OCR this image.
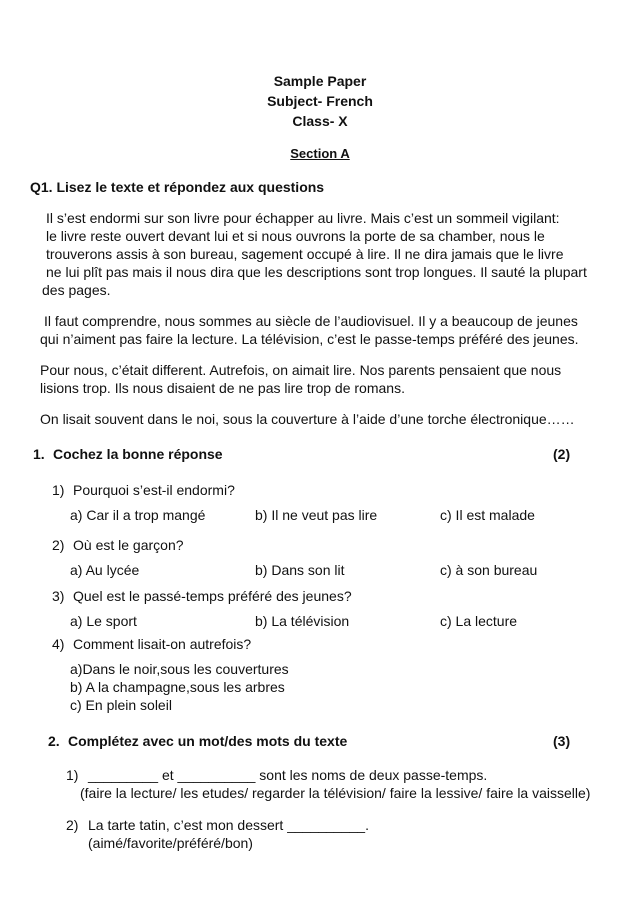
Sample Paper
Subject- French
Class- X
Section A
Q1. Lisez le texte et répondez aux questions
Il s’est endormi sur son livre pour échapper au livre. Mais c’est un sommeil vigilant:
le livre reste ouvert devant lui et si nous ouvrons la porte de sa chamber, nous le
trouverons assis à son bureau, sagement occupé à lire. Il ne dira jamais que le livre
ne lui plît pas mais il nous dira que les descriptions sont trop longues. Il sauté la plupart
des pages.
Il faut comprendre, nous sommes au siècle de l’audiovisuel. Il y a beaucoup de jeunes
qui n’aiment pas faire la lecture. La télévision, c’est le passe-temps préféré des jeunes.
Pour nous, c’était different. Autrefois, on aimait lire. Nos parents pensaient que nous
lisions trop. Ils nous disaient de ne pas lire trop de romans.
On lisait souvent dans le noi, sous la couverture à l’aide d’une torche électronique……
1. Cochez la bonne réponse	(2)
1) Pourquoi s’est-il endormi?
a) Car il a trop mangé	b) Il ne veut pas lire	c) Il est malade
2) Où est le garçon?
a) Au lycée	b) Dans son lit	c) à son bureau
3) Quel est le passé-temps préféré des jeunes?
a) Le sport	b) La télévision	c) La lecture
4) Comment lisait-on autrefois?
a)Dans le noir,sous les couvertures
b) A la champagne,sous les arbres
c) En plein soleil
2. Complétez avec un mot/des mots du texte	(3)
1) _________ et __________ sont les noms de deux passe-temps.
(faire la lecture/ les etudes/ regarder la télévision/ faire la lessive/ faire la vaisselle)
2) La tarte tatin, c’est mon dessert __________.
(aimé/favorite/préféré/bon)
